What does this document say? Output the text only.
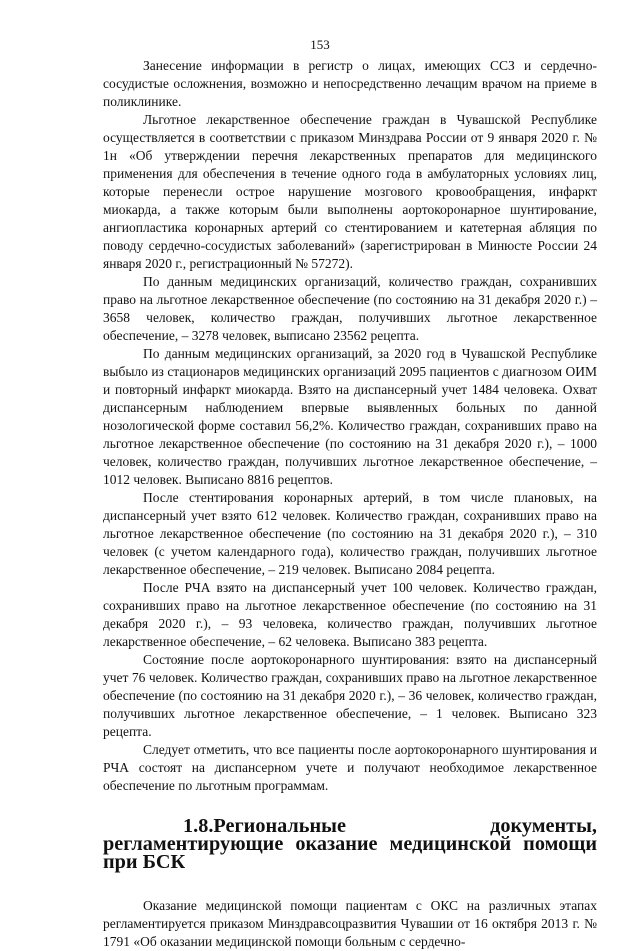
153

Занесение информации в регистр о лицах, имеющих ССЗ и сердечно-сосудистые осложнения, возможно и непосредственно лечащим врачом на приеме в поликлинике.

Льготное лекарственное обеспечение граждан в Чувашской Республике осуществляется в соответствии с приказом Минздрава России от 9 января 2020 г. № 1н «Об утверждении перечня лекарственных препаратов для медицинского применения для обеспечения в течение одного года в амбулаторных условиях лиц, которые перенесли острое нарушение мозгового кровообращения, инфаркт миокарда, а также которым были выполнены аортокоронарное шунтирование, ангиопластика коронарных артерий со стентированием и катетерная абляция по поводу сердечно-сосудистых заболеваний» (зарегистрирован в Минюсте России 24 января 2020 г., регистрационный № 57272).

По данным медицинских организаций, количество граждан, сохранивших право на льготное лекарственное обеспечение (по состоянию на 31 декабря 2020 г.) – 3658 человек, количество граждан, получивших льготное лекарственное обеспечение, – 3278 человек, выписано 23562 рецепта.

По данным медицинских организаций, за 2020 год в Чувашской Республике выбыло из стационаров медицинских организаций 2095 пациентов с диагнозом ОИМ и повторный инфаркт миокарда. Взято на диспансерный учет 1484 человека. Охват диспансерным наблюдением впервые выявленных больных по данной нозологической форме составил 56,2%. Количество граждан, сохранивших право на льготное лекарственное обеспечение (по состоянию на 31 декабря 2020 г.), – 1000 человек, количество граждан, получивших льготное лекарственное обеспечение, – 1012 человек. Выписано 8816 рецептов.

После стентирования коронарных артерий, в том числе плановых, на диспансерный учет взято 612 человек. Количество граждан, сохранивших право на льготное лекарственное обеспечение (по состоянию на 31 декабря 2020 г.), – 310 человек (с учетом календарного года), количество граждан, получивших льготное лекарственное обеспечение, – 219 человек. Выписано 2084 рецепта.

После РЧА взято на диспансерный учет 100 человек. Количество граждан, сохранивших право на льготное лекарственное обеспечение (по состоянию на 31 декабря 2020 г.), – 93 человека, количество граждан, получивших льготное лекарственное обеспечение, – 62 человека. Выписано 383 рецепта.

Состояние после аортокоронарного шунтирования: взято на диспансерный учет 76 человек. Количество граждан, сохранивших право на льготное лекарственное обеспечение (по состоянию на 31 декабря 2020 г.), – 36 человек, количество граждан, получивших льготное лекарственное обеспечение, – 1 человек. Выписано 323 рецепта.

Следует отметить, что все пациенты после аортокоронарного шунтирования и РЧА состоят на диспансерном учете и получают необходимое лекарственное обеспечение по льготным программам.

1.8.Региональные документы, регламентирующие оказание медицинской помощи при БСК

Оказание медицинской помощи пациентам с ОКС на различных этапах регламентируется приказом Минздравсоцразвития Чувашии от 16 октября 2013 г. № 1791 «Об оказании медицинской помощи больным с сердечно-
